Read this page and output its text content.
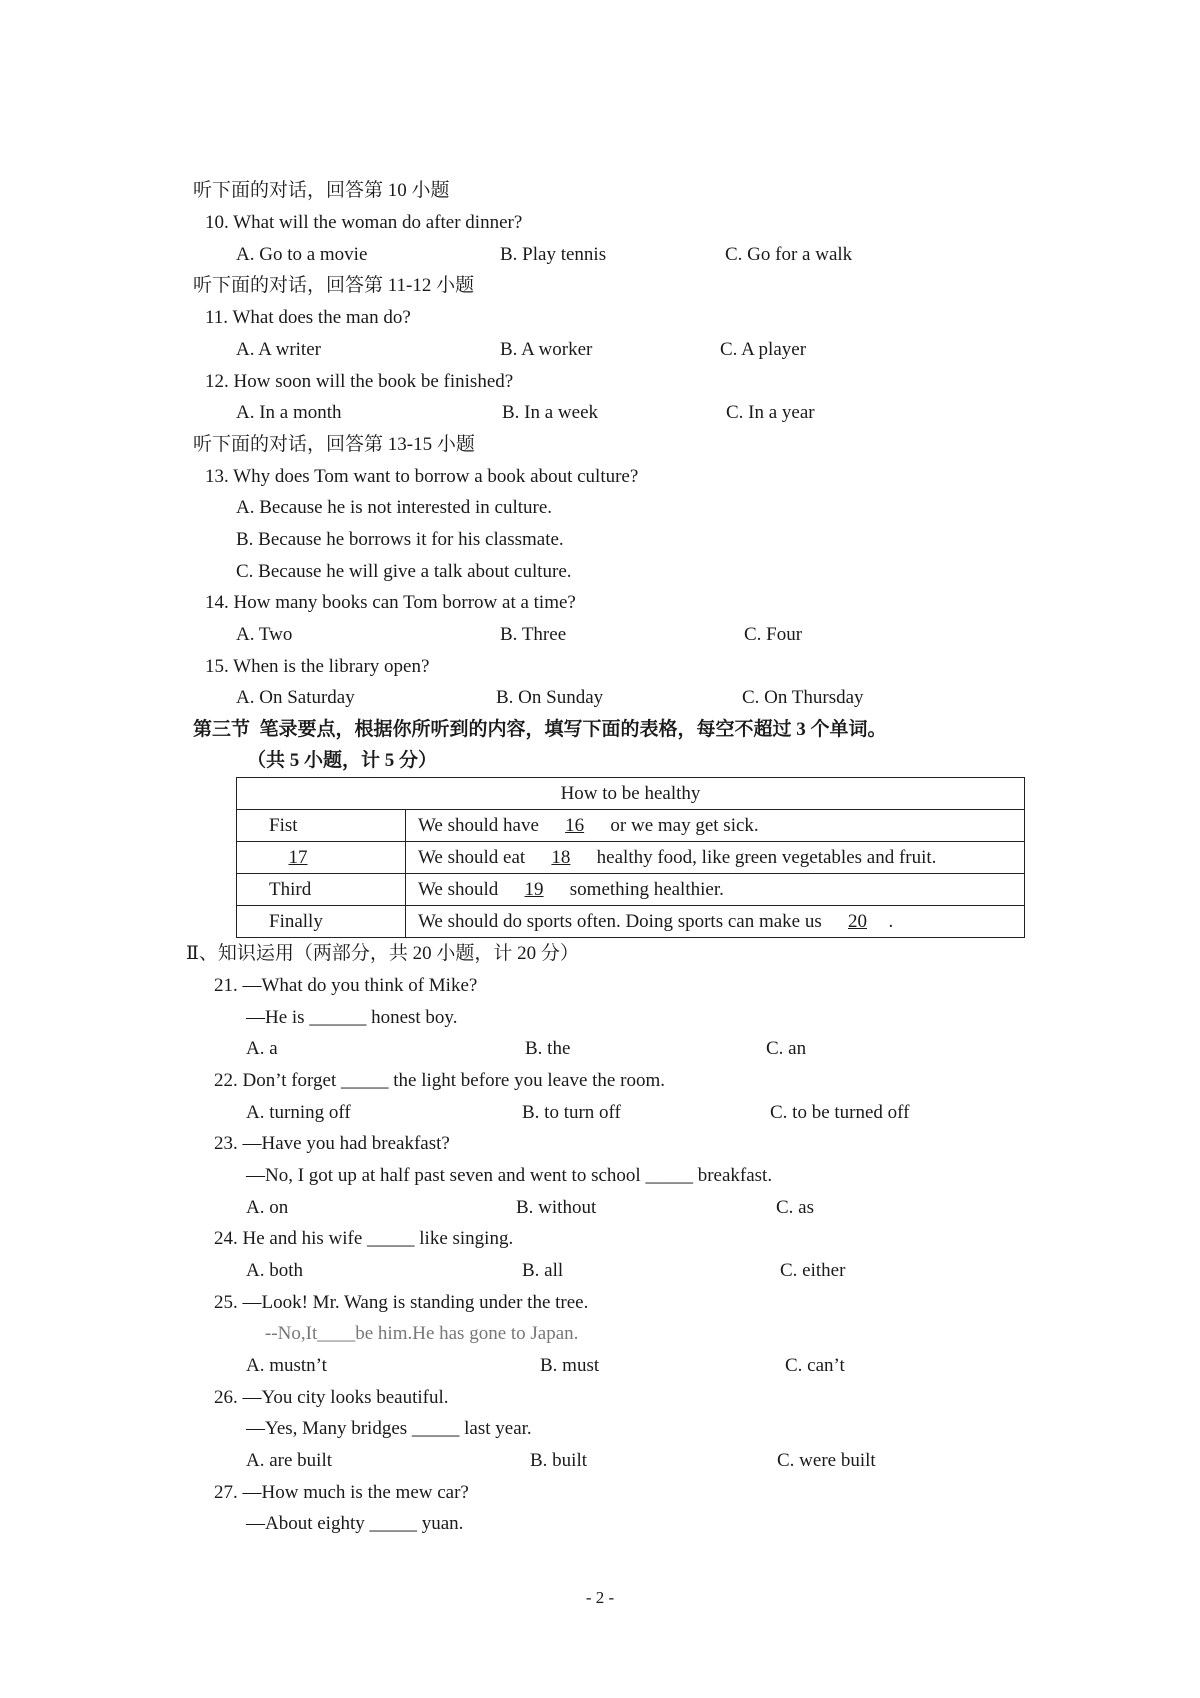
听下面的对话，回答第 10 小题
10. What will the woman do after dinner?
A. Go to a movie	B. Play tennis	C. Go for a walk
听下面的对话，回答第 11-12 小题
11. What does the man do?
A. A writer	B. A worker	C. A player
12. How soon will the book be finished?
A. In a month	B. In a week	C. In a year
听下面的对话，回答第 13-15 小题
13. Why does Tom want to borrow a book about culture?
A. Because he is not interested in culture.
B. Because he borrows it for his classmate.
C. Because he will give a talk about culture.
14. How many books can Tom borrow at a time?
A. Two	B. Three	C. Four
15. When is the library open?
A. On Saturday	B. On Sunday	C. On Thursday
第三节  笔录要点，根据你所听到的内容，填写下面的表格，每空不超过 3 个单词。
（共 5 小题，计 5 分）
How to be healthy	
Fist	We should have 16 or we may get sick.
17	We should eat 18 healthy food, like green vegetables and fruit.
Third	We should 19 something healthier.
Finally	We should do sports often. Doing sports can make us 20 .
Ⅱ、知识运用（两部分，共 20 小题，计 20 分）
21. —What do you think of Mike?
—He is ______ honest boy.
A. a	B. the	C. an
22. Don’t forget _____ the light before you leave the room.
A. turning off	B. to turn off	C. to be turned off
23. —Have you had breakfast?
—No, I got up at half past seven and went to school _____ breakfast.
A. on	B. without	C. as
24. He and his wife _____ like singing.
A. both	B. all	C. either
25. —Look! Mr. Wang is standing under the tree.
--No,It____be him.He has gone to Japan.
A. mustn’t	B. must	C. can’t
26. —You city looks beautiful.
—Yes, Many bridges _____ last year.
A. are built	B. built	C. were built
27. —How much is the mew car?
—About eighty _____ yuan.
- 2 -
